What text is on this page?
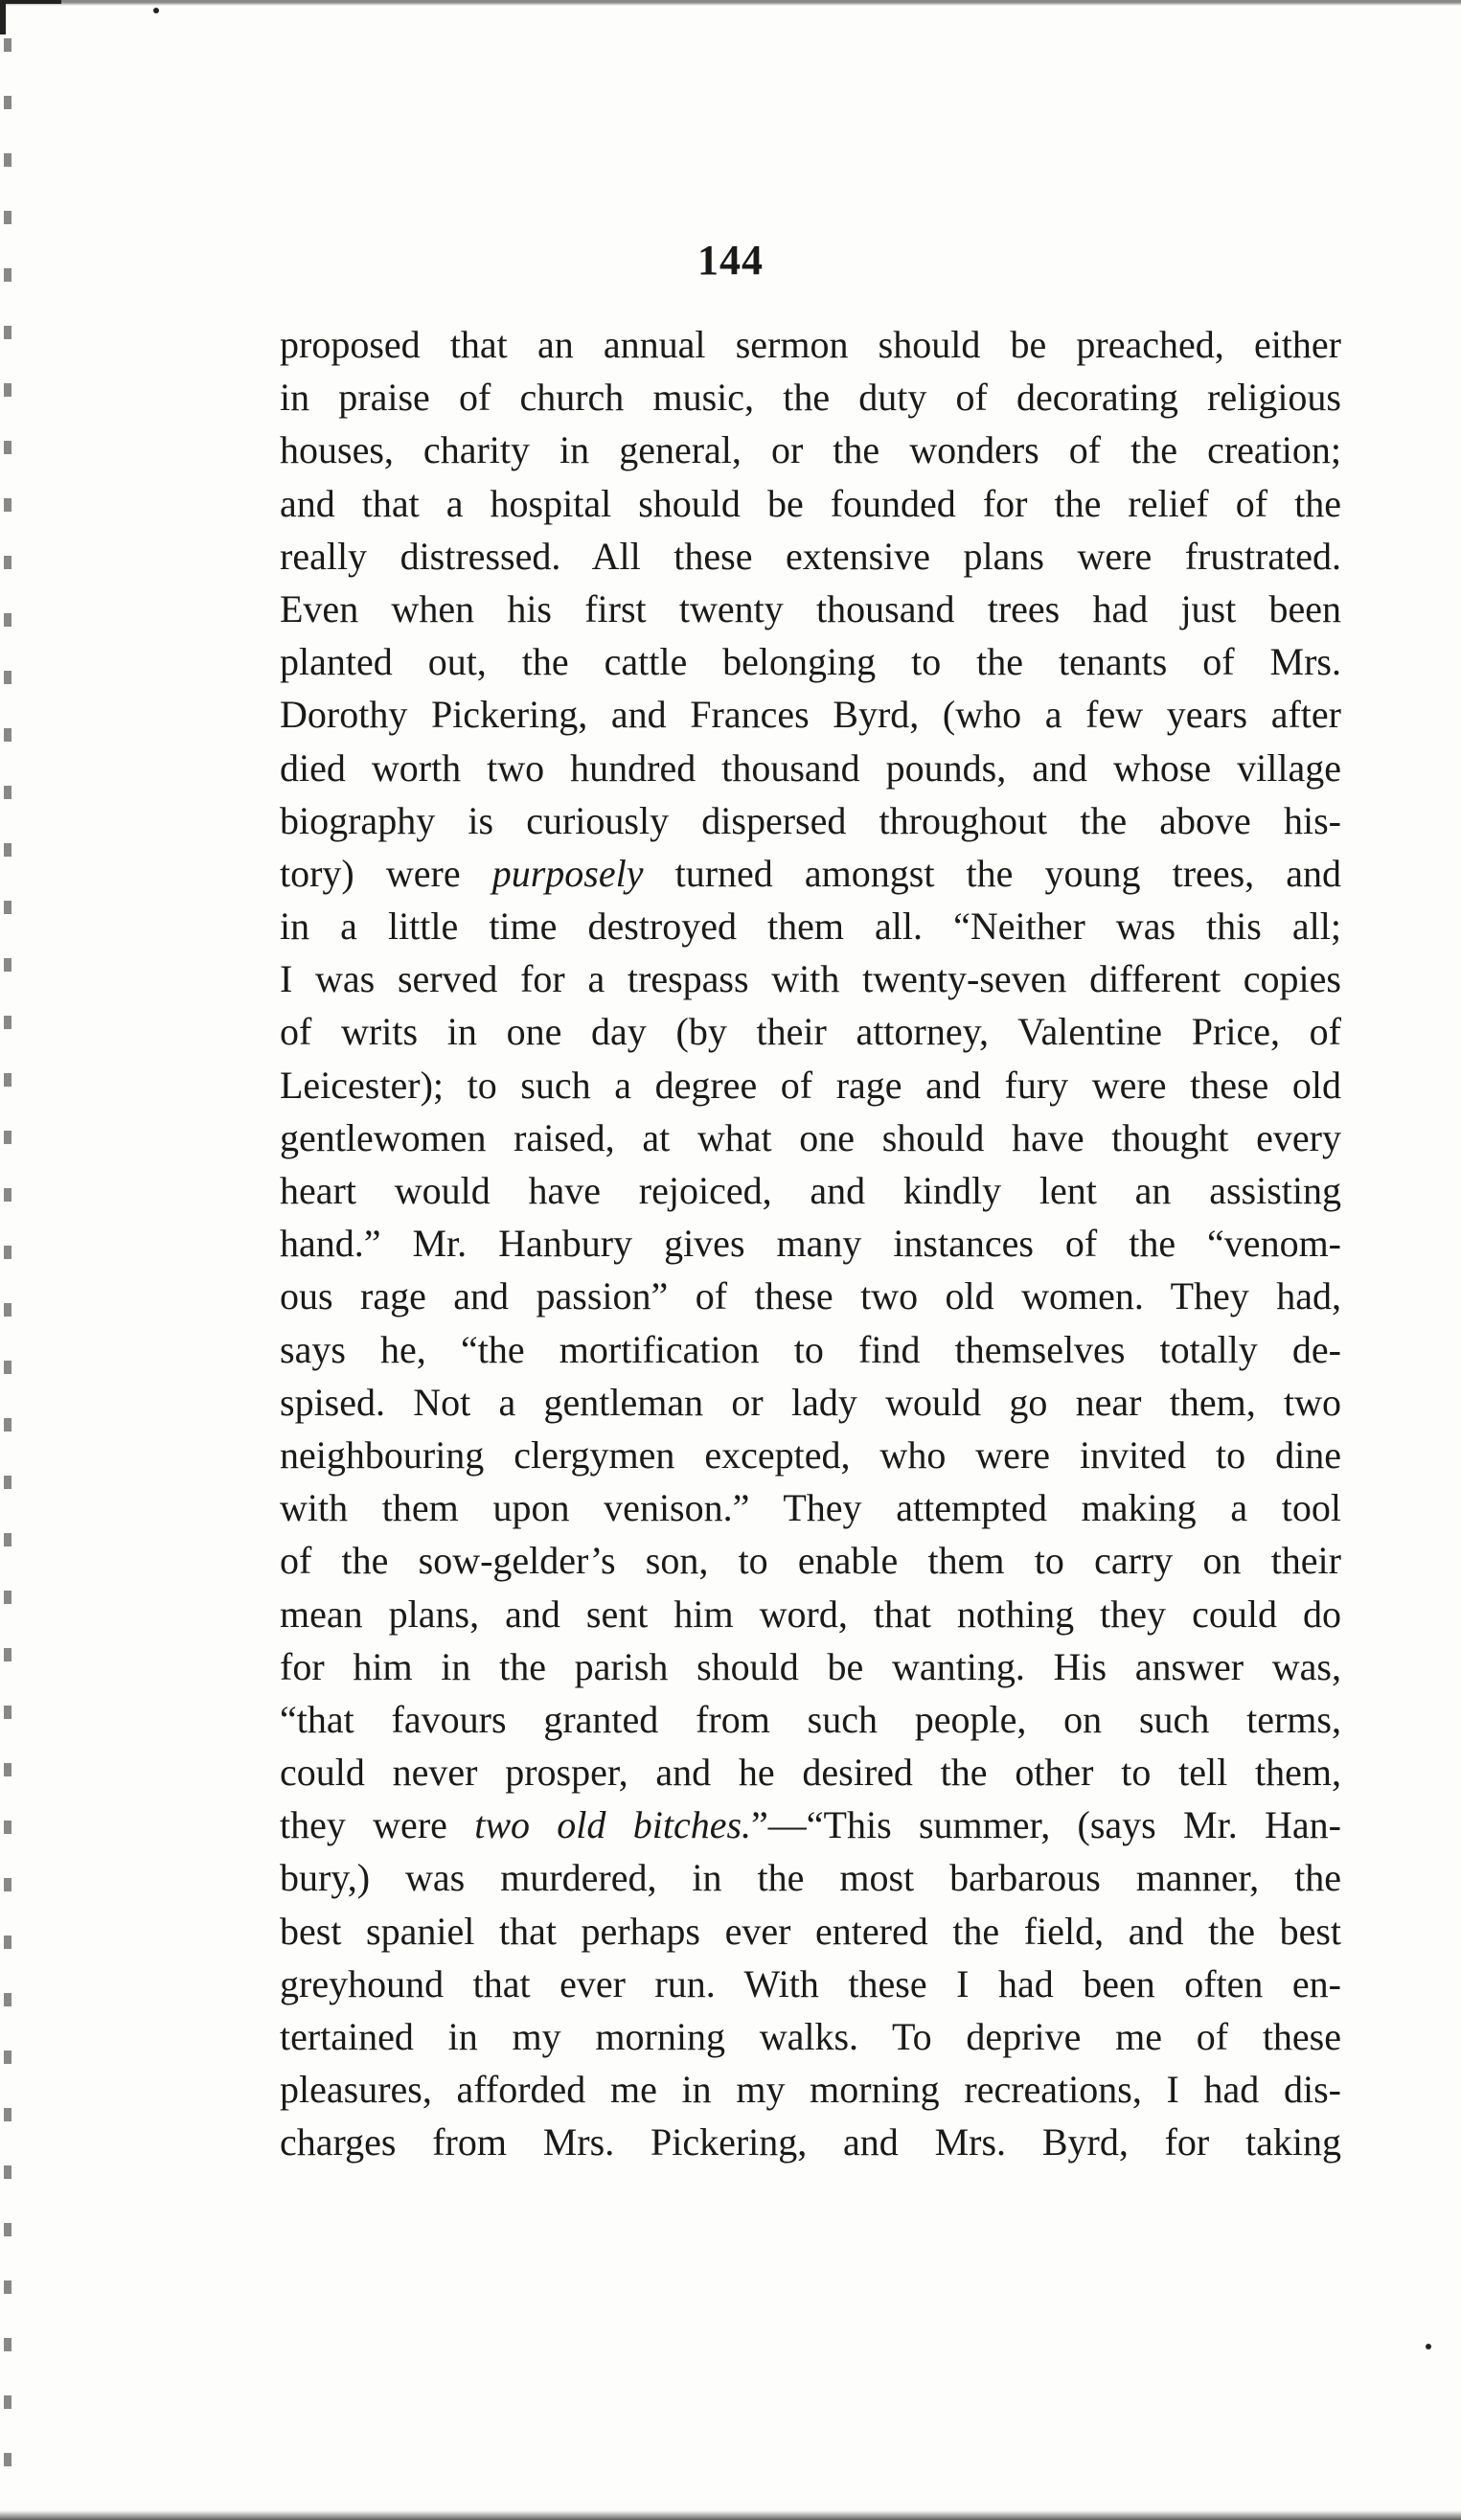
144
proposed that an annual sermon should be preached, either
in praise of church music, the duty of decorating religious
houses, charity in general, or the wonders of the creation;
and that a hospital should be founded for the relief of the
really distressed. All these extensive plans were frustrated.
Even when his first twenty thousand trees had just been
planted out, the cattle belonging to the tenants of Mrs.
Dorothy Pickering, and Frances Byrd, (who a few years after
died worth two hundred thousand pounds, and whose village
biography is curiously dispersed throughout the above his-
tory) were purposely turned amongst the young trees, and
in a little time destroyed them all. “Neither was this all;
I was served for a trespass with twenty-seven different copies
of writs in one day (by their attorney, Valentine Price, of
Leicester); to such a degree of rage and fury were these old
gentlewomen raised, at what one should have thought every
heart would have rejoiced, and kindly lent an assisting
hand.” Mr. Hanbury gives many instances of the “venom-
ous rage and passion” of these two old women. They had,
says he, “the mortification to find themselves totally de-
spised. Not a gentleman or lady would go near them, two
neighbouring clergymen excepted, who were invited to dine
with them upon venison.” They attempted making a tool
of the sow-gelder’s son, to enable them to carry on their
mean plans, and sent him word, that nothing they could do
for him in the parish should be wanting. His answer was,
“that favours granted from such people, on such terms,
could never prosper, and he desired the other to tell them,
they were two old bitches.”—“This summer, (says Mr. Han-
bury,) was murdered, in the most barbarous manner, the
best spaniel that perhaps ever entered the field, and the best
greyhound that ever run. With these I had been often en-
tertained in my morning walks. To deprive me of these
pleasures, afforded me in my morning recreations, I had dis-
charges from Mrs. Pickering, and Mrs. Byrd, for taking
